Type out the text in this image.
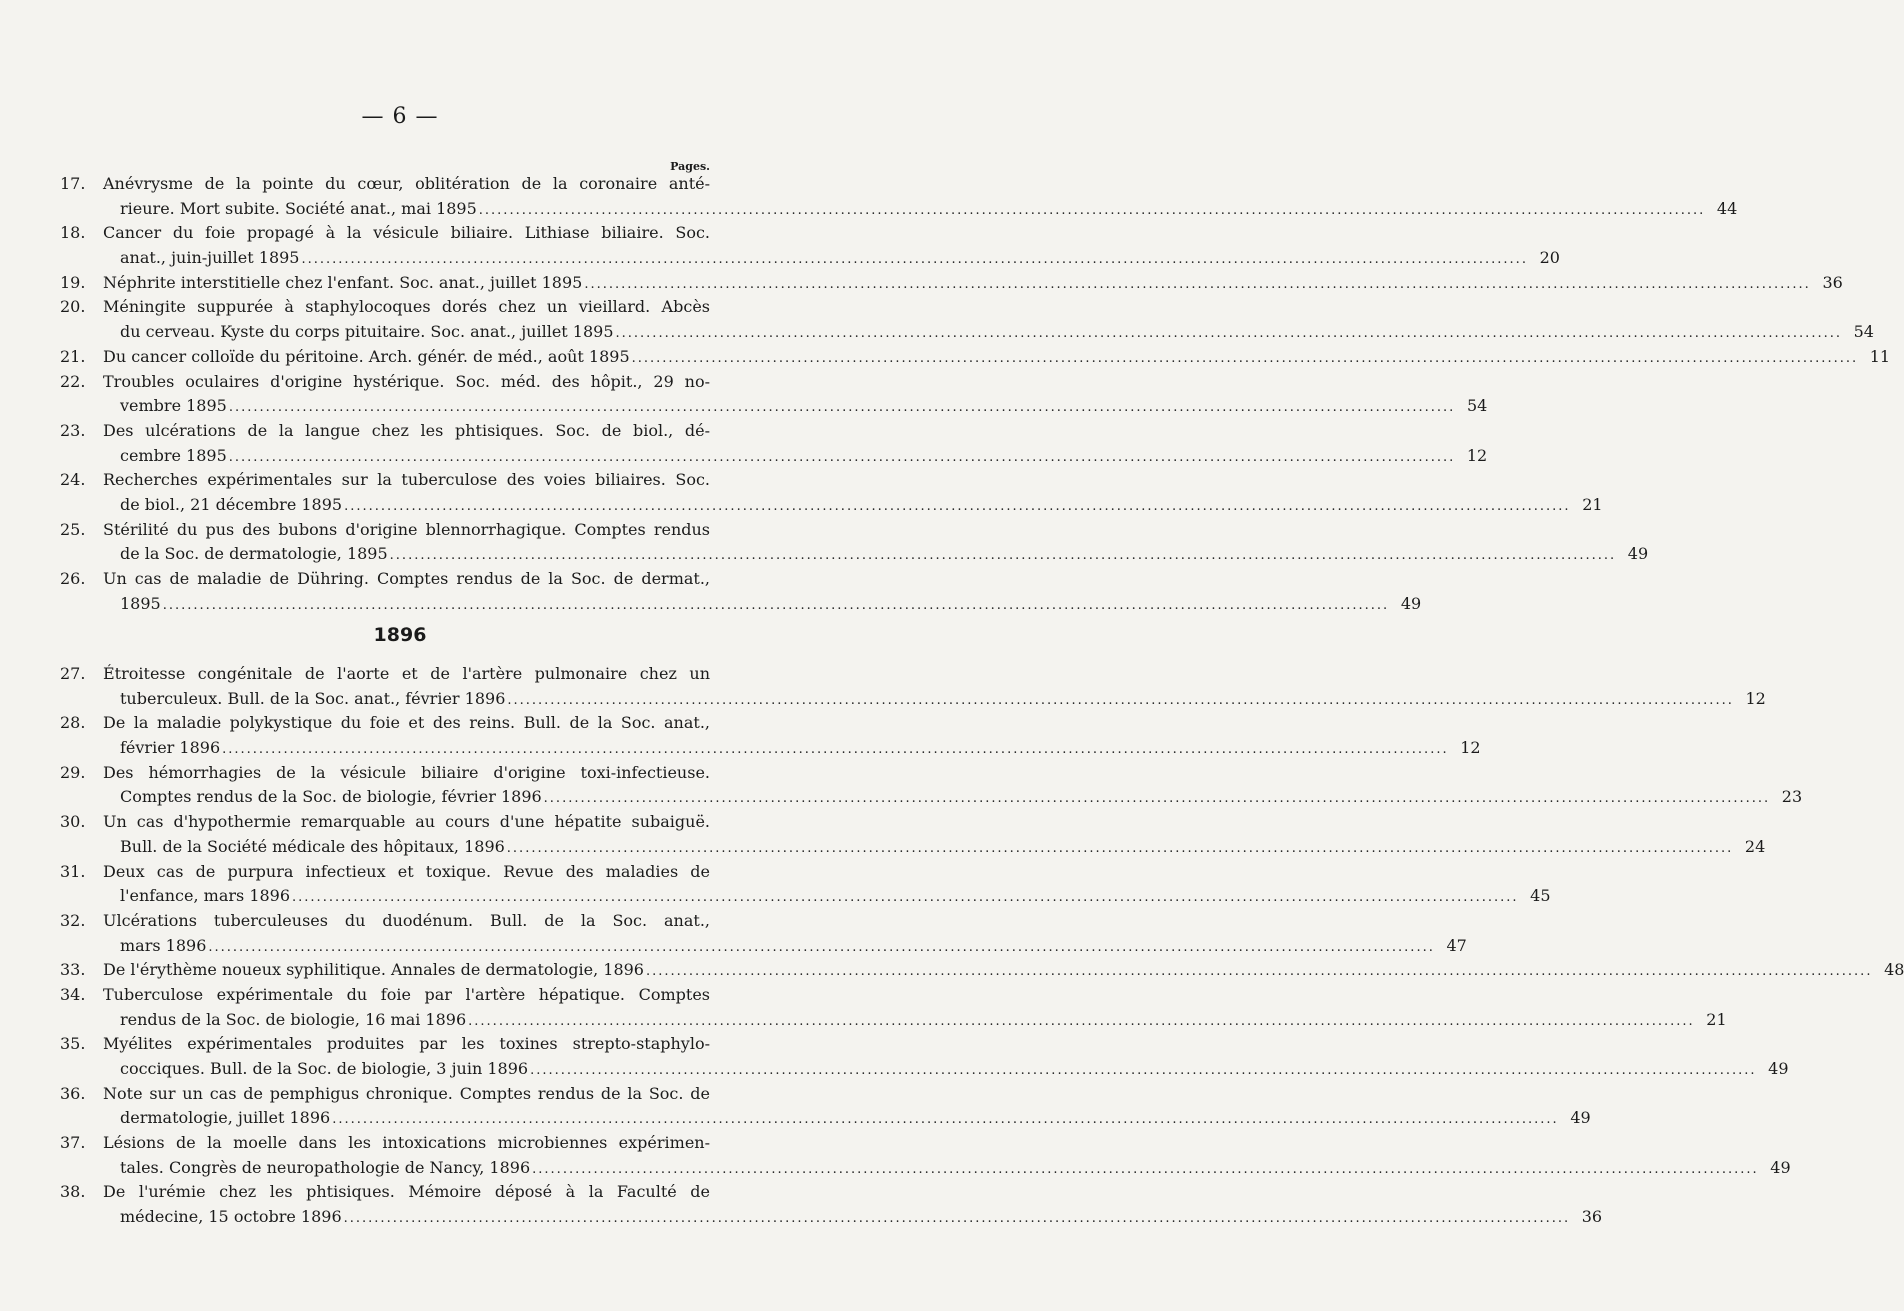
— 6 —
Pages.
17.	Anévrysme de la pointe du cœur, oblitération de la coronaire anté-
rieure. Mort subite. Société anat., mai 1895 ........................................................................................................................................................................................................ 44
18.	Cancer du foie propagé à la vésicule biliaire. Lithiase biliaire. Soc.
anat., juin-juillet 1895 ........................................................................................................................................................................................................ 20
19.	Néphrite interstitielle chez l'enfant. Soc. anat., juillet 1895 ........................................................................................................................................................................................................ 36
20.	Méningite suppurée à staphylocoques dorés chez un vieillard. Abcès
du cerveau. Kyste du corps pituitaire. Soc. anat., juillet 1895 ........................................................................................................................................................................................................ 54
21.	Du cancer colloïde du péritoine. Arch. génér. de méd., août 1895 ........................................................................................................................................................................................................ 11
22.	Troubles oculaires d'origine hystérique. Soc. méd. des hôpit., 29 no-
vembre 1895 ........................................................................................................................................................................................................ 54
23.	Des ulcérations de la langue chez les phtisiques. Soc. de biol., dé-
cembre 1895 ........................................................................................................................................................................................................ 12
24.	Recherches expérimentales sur la tuberculose des voies biliaires. Soc.
de biol., 21 décembre 1895 ........................................................................................................................................................................................................ 21
25.	Stérilité du pus des bubons d'origine blennorrhagique. Comptes rendus
de la Soc. de dermatologie, 1895 ........................................................................................................................................................................................................ 49
26.	Un cas de maladie de Dühring. Comptes rendus de la Soc. de dermat.,
1895 ........................................................................................................................................................................................................ 49
1896
27.	Étroitesse congénitale de l'aorte et de l'artère pulmonaire chez un
tuberculeux. Bull. de la Soc. anat., février 1896 ........................................................................................................................................................................................................ 12
28.	De la maladie polykystique du foie et des reins. Bull. de la Soc. anat.,
février 1896 ........................................................................................................................................................................................................ 12
29.	Des hémorrhagies de la vésicule biliaire d'origine toxi-infectieuse.
Comptes rendus de la Soc. de biologie, février 1896 ........................................................................................................................................................................................................ 23
30.	Un cas d'hypothermie remarquable au cours d'une hépatite subaiguë.
Bull. de la Société médicale des hôpitaux, 1896 ........................................................................................................................................................................................................ 24
31.	Deux cas de purpura infectieux et toxique. Revue des maladies de
l'enfance, mars 1896 ........................................................................................................................................................................................................ 45
32.	Ulcérations tuberculeuses du duodénum. Bull. de la Soc. anat.,
mars 1896 ........................................................................................................................................................................................................ 47
33.	De l'érythème noueux syphilitique. Annales de dermatologie, 1896 ........................................................................................................................................................................................................ 48
34.	Tuberculose expérimentale du foie par l'artère hépatique. Comptes
rendus de la Soc. de biologie, 16 mai 1896 ........................................................................................................................................................................................................ 21
35.	Myélites expérimentales produites par les toxines strepto-staphylo-
cocciques. Bull. de la Soc. de biologie, 3 juin 1896 ........................................................................................................................................................................................................ 49
36.	Note sur un cas de pemphigus chronique. Comptes rendus de la Soc. de
dermatologie, juillet 1896 ........................................................................................................................................................................................................ 49
37.	Lésions de la moelle dans les intoxications microbiennes expérimen-
tales. Congrès de neuropathologie de Nancy, 1896 ........................................................................................................................................................................................................ 49
38.	De l'urémie chez les phtisiques. Mémoire déposé à la Faculté de
médecine, 15 octobre 1896 ........................................................................................................................................................................................................ 36
